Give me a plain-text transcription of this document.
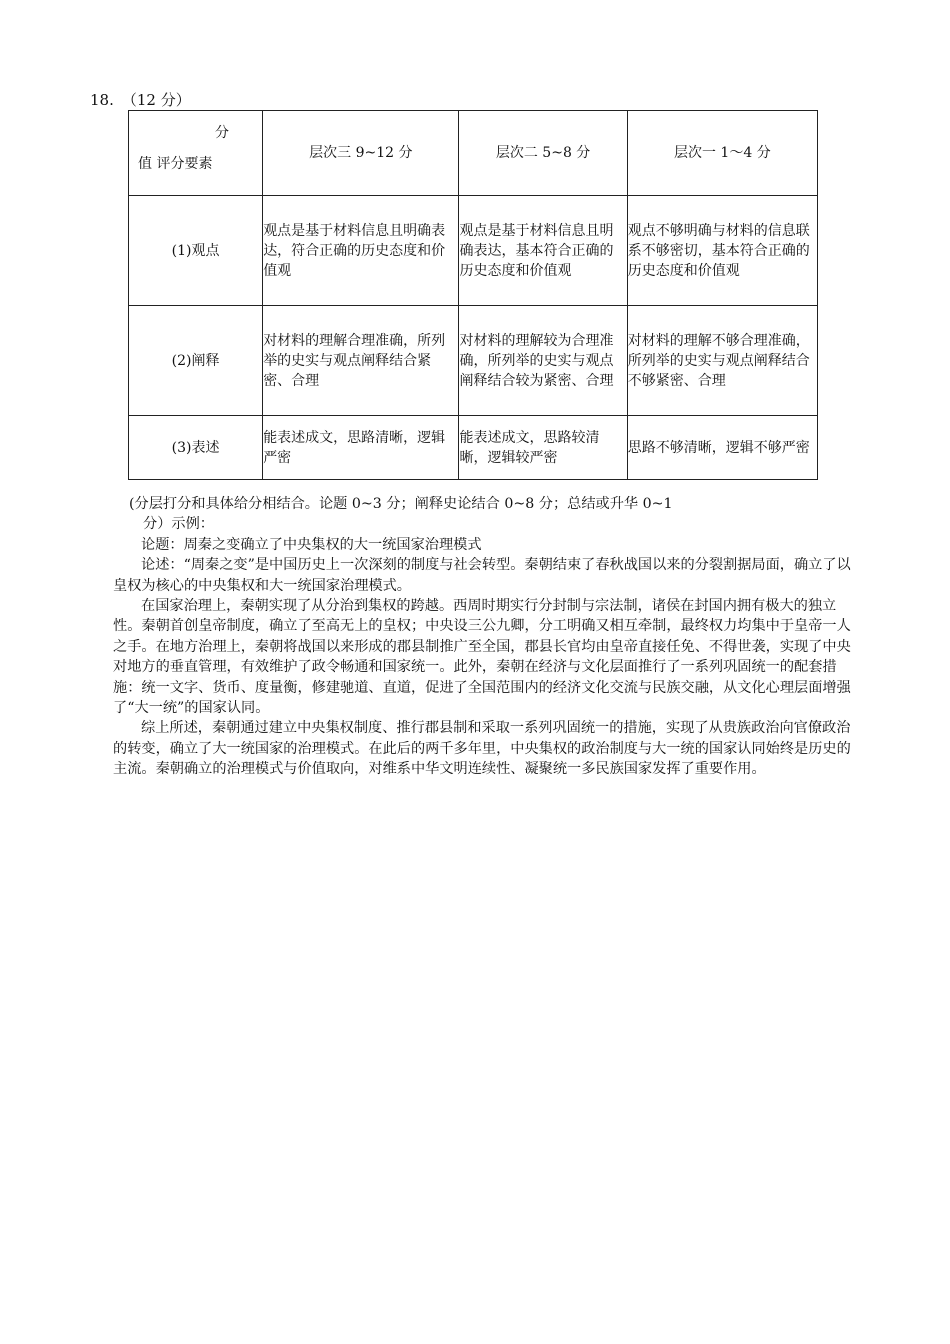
18. （12 分）
分
值 评分要素	层次三 9~12 分	层次二 5~8 分	层次一 1～4 分
(1)观点	观点是基于材料信息且明确表达，符合正确的历史态度和价值观	观点是基于材料信息且明确表达，基本符合正确的历史态度和价值观	观点不够明确与材料的信息联系不够密切，基本符合正确的历史态度和价值观
(2)阐释	对材料的理解合理准确，所列举的史实与观点阐释结合紧密、合理	对材料的理解较为合理准确，所列举的史实与观点阐释结合较为紧密、合理	对材料的理解不够合理准确，所列举的史实与观点阐释结合不够紧密、合理
(3)表述	能表述成文，思路清晰，逻辑严密	能表述成文，思路较清晰，逻辑较严密	思路不够清晰，逻辑不够严密

(分层打分和具体给分相结合。论题 0~3 分；阐释史论结合 0~8 分；总结或升华 0~1

分）示例：

论题：周秦之变确立了中央集权的大一统国家治理模式

论述：“周秦之变”是中国历史上一次深刻的制度与社会转型。秦朝结束了春秋战国以来的分裂割据局面，确立了以皇权为核心的中央集权和大一统国家治理模式。

在国家治理上，秦朝实现了从分治到集权的跨越。西周时期实行分封制与宗法制，诸侯在封国内拥有极大的独立性。秦朝首创皇帝制度，确立了至高无上的皇权；中央设三公九卿，分工明确又相互牵制，最终权力均集中于皇帝一人之手。在地方治理上，秦朝将战国以来形成的郡县制推广至全国，郡县长官均由皇帝直接任免、不得世袭，实现了中央对地方的垂直管理，有效维护了政令畅通和国家统一。此外，秦朝在经济与文化层面推行了一系列巩固统一的配套措施：统一文字、货币、度量衡，修建驰道、直道，促进了全国范围内的经济文化交流与民族交融，从文化心理层面增强了“大一统”的国家认同。

综上所述，秦朝通过建立中央集权制度、推行郡县制和采取一系列巩固统一的措施，实现了从贵族政治向官僚政治的转变，确立了大一统国家的治理模式。在此后的两千多年里，中央集权的政治制度与大一统的国家认同始终是历史的主流。秦朝确立的治理模式与价值取向，对维系中华文明连续性、凝聚统一多民族国家发挥了重要作用。
